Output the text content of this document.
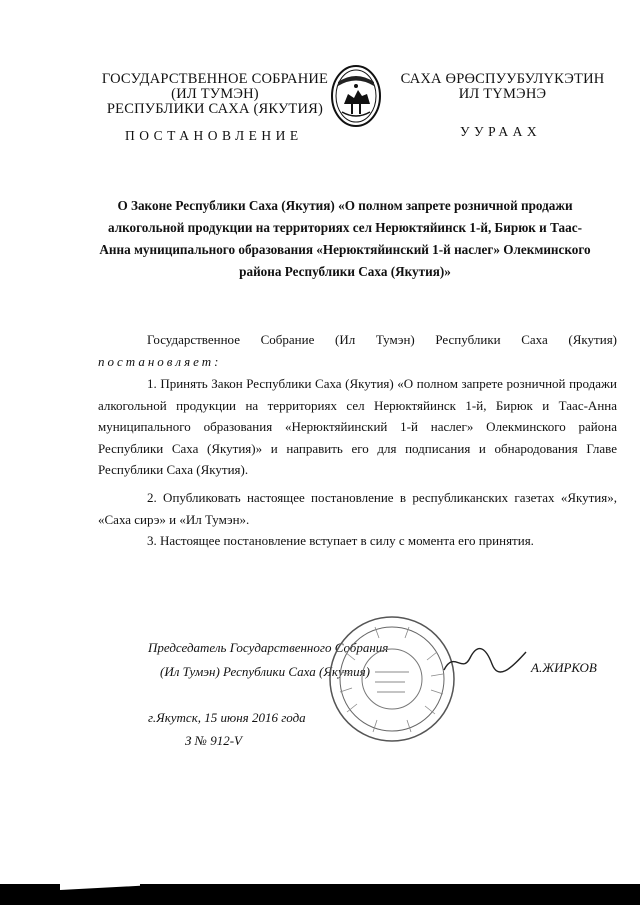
ГОСУДАРСТВЕННОЕ СОБРАНИЕ
(ИЛ ТУМЭН)
РЕСПУБЛИКИ САХА (ЯКУТИЯ)
САХА ӨРӨСПУУБУЛҮКЭТИН
ИЛ ТҮМЭНЭ
ПОСТАНОВЛЕНИЕ	УУРААХ
О Законе Республики Саха (Якутия) «О полном запрете розничной продажи алкогольной продукции на территориях сел Нерюктяйинск 1-й, Бирюк и Таас-Анна муниципального образования «Нерюктяйинский 1-й наслег» Олекминского района Республики Саха (Якутия)»
Государственное Собрание (Ил Тумэн) Республики Саха (Якутия)
постановляет:
1. Принять Закон Республики Саха (Якутия) «О полном запрете розничной продажи алкогольной продукции на территориях сел Нерюктяйинск 1-й, Бирюк и Таас-Анна муниципального образования «Нерюктяйинский 1-й наслег» Олекминского района Республики Саха (Якутия)» и направить его для подписания и обнародования Главе Республики Саха (Якутия).
2. Опубликовать настоящее постановление в республиканских газетах «Якутия», «Саха сирэ» и «Ил Тумэн».
3. Настоящее постановление вступает в силу с момента его принятия.
Председатель Государственного Собрания
(Ил Тумэн) Республики Саха (Якутия)	А.ЖИРКОВ
г.Якутск, 15 июня 2016 года
З № 912-V
